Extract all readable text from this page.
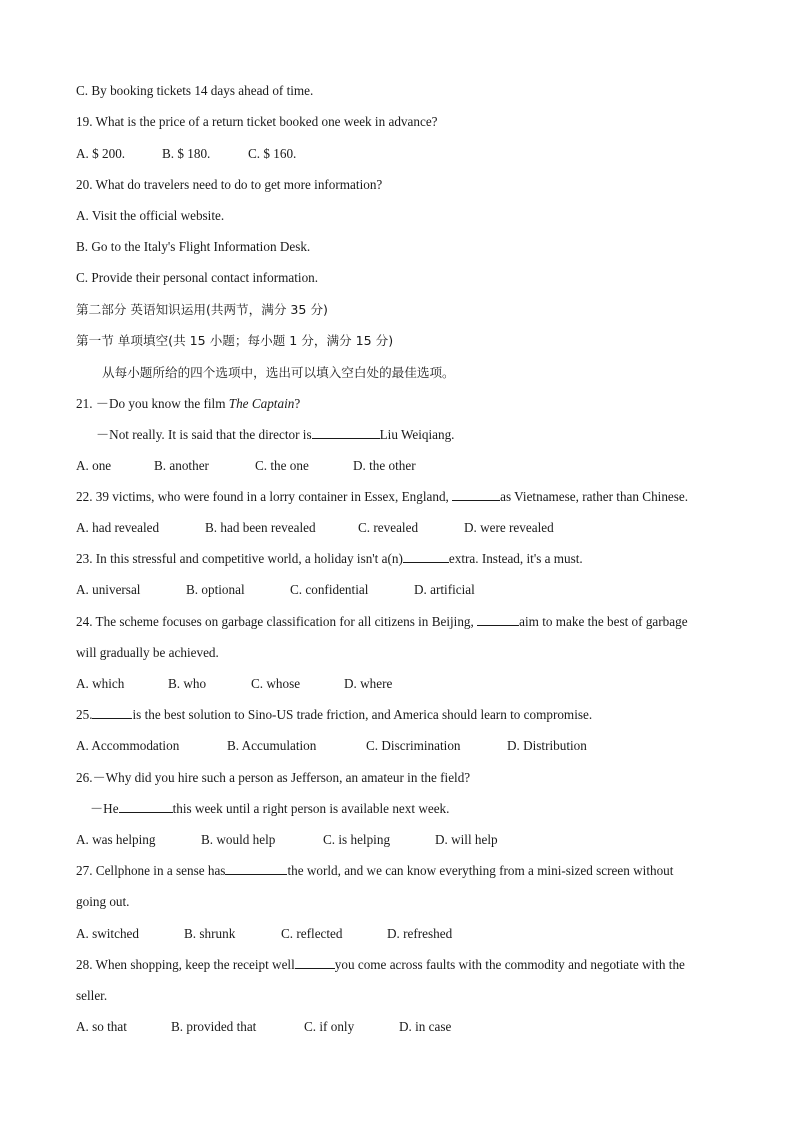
C. By booking tickets 14 days ahead of time.
19. What is the price of a return ticket booked one week in advance?
A. $ 200.	B. $ 180.	C. $ 160.
20. What do travelers need to do to get more information?
A. Visit the official website.
B. Go to the Italy's Flight Information Desk.
C. Provide their personal contact information.
第二部分 英语知识运用(共两节，满分 35 分)
第一节 单项填空(共 15 小题；每小题 1 分，满分 15 分)
从每小题所给的四个选项中，选出可以填入空白处的最佳选项。
21. －Do you know the film The Captain?
－Not really. It is said that the director is	Liu Weiqiang.
A. one	B. another	C. the one	D. the other
22. 39 victims, who were found in a lorry container in Essex, England,	as Vietnamese, rather than Chinese.
A. had revealed	B. had been revealed	C. revealed	D. were revealed
23. In this stressful and competitive world, a holiday isn't a(n)	extra. Instead, it's a must.
A. universal	B. optional	C. confidential	D. artificial
24. The scheme focuses on garbage classification for all citizens in Beijing,	aim to make the best of garbage
will gradually be achieved.
A. which	B. who	C. whose	D. where
25.	is the best solution to Sino-US trade friction, and America should learn to compromise.
A. Accommodation	B. Accumulation	C. Discrimination	D. Distribution
26.－Why did you hire such a person as Jefferson, an amateur in the field?
－He	this week until a right person is available next week.
A. was helping	B. would help	C. is helping	D. will help
27. Cellphone in a sense has	the world, and we can know everything from a mini-sized screen without
going out.
A. switched	B. shrunk	C. reflected	D. refreshed
28. When shopping, keep the receipt well	you come across faults with the commodity and negotiate with the
seller.
A. so that	B. provided that	C. if only	D. in case
